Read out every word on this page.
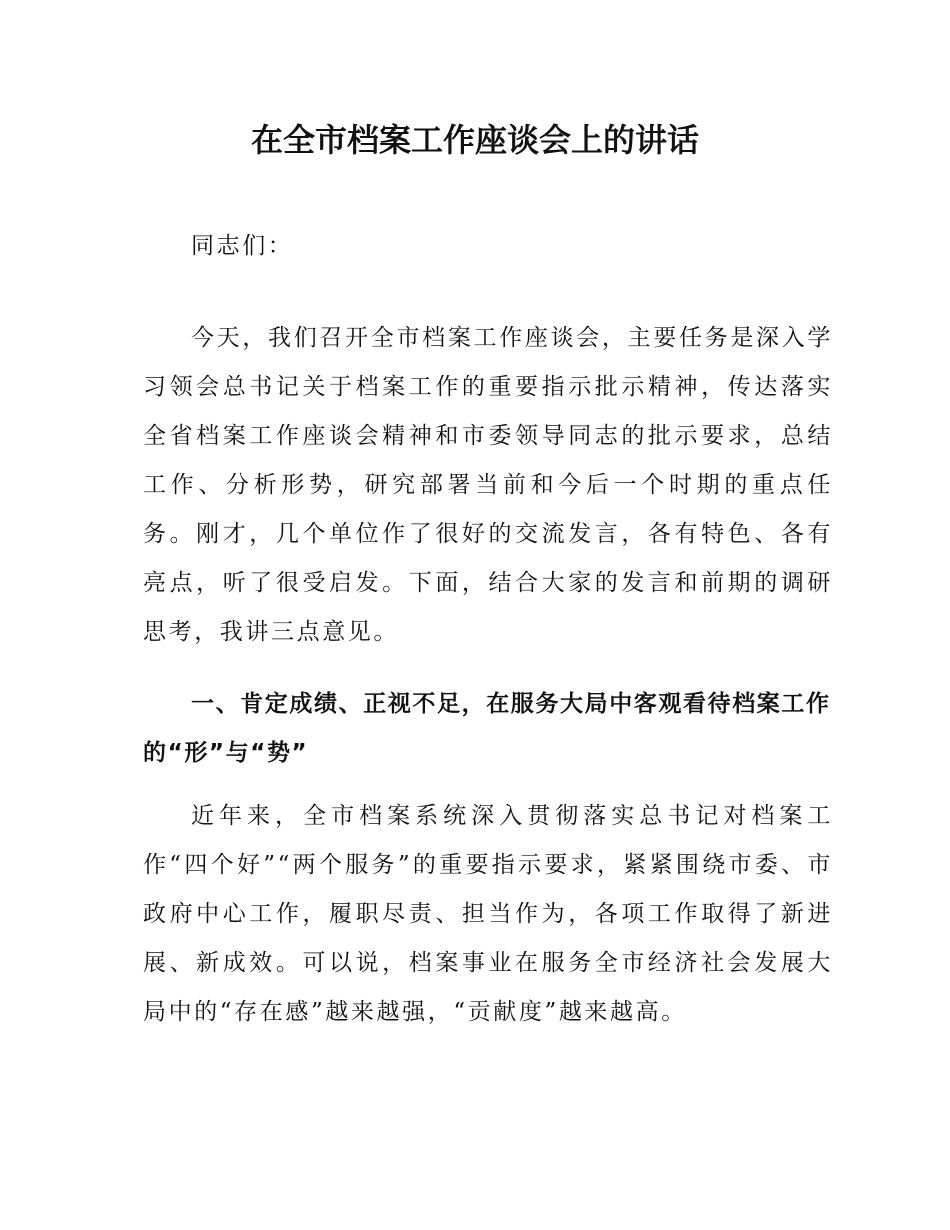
在全市档案工作座谈会上的讲话

同志们：

今天，我们召开全市档案工作座谈会，主要任务是深入学习领会总书记关于档案工作的重要指示批示精神，传达落实全省档案工作座谈会精神和市委领导同志的批示要求，总结工作、分析形势，研究部署当前和今后一个时期的重点任务。刚才，几个单位作了很好的交流发言，各有特色、各有亮点，听了很受启发。下面，结合大家的发言和前期的调研思考，我讲三点意见。

一、肯定成绩、正视不足，在服务大局中客观看待档案工作的“形”与“势”

近年来，全市档案系统深入贯彻落实总书记对档案工作“四个好”“两个服务”的重要指示要求，紧紧围绕市委、市政府中心工作，履职尽责、担当作为，各项工作取得了新进展、新成效。可以说，档案事业在服务全市经济社会发展大局中的“存在感”越来越强，“贡献度”越来越高。
